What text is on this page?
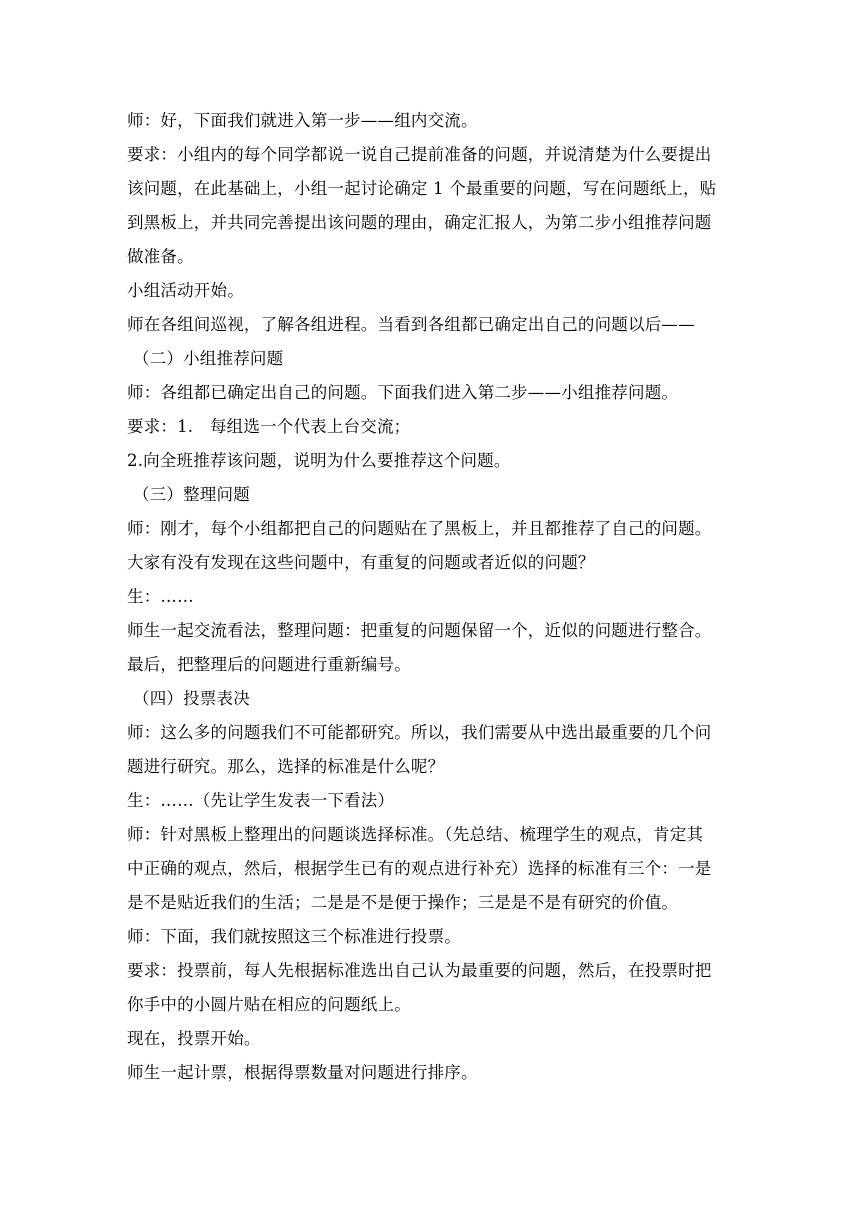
师：好，下面我们就进入第一步——组内交流。
要求：小组内的每个同学都说一说自己提前准备的问题，并说清楚为什么要提出
该问题，在此基础上，小组一起讨论确定 1 个最重要的问题，写在问题纸上，贴
到黑板上，并共同完善提出该问题的理由，确定汇报人，为第二步小组推荐问题
做准备。
小组活动开始。
师在各组间巡视，了解各组进程。当看到各组都已确定出自己的问题以后——
（二）小组推荐问题
师：各组都已确定出自己的问题。下面我们进入第二步——小组推荐问题。
要求：1.　每组选一个代表上台交流；
2.向全班推荐该问题，说明为什么要推荐这个问题。
（三）整理问题
师：刚才，每个小组都把自己的问题贴在了黑板上，并且都推荐了自己的问题。
大家有没有发现在这些问题中，有重复的问题或者近似的问题？
生：……
师生一起交流看法，整理问题：把重复的问题保留一个，近似的问题进行整合。
最后，把整理后的问题进行重新编号。
（四）投票表决
师：这么多的问题我们不可能都研究。所以，我们需要从中选出最重要的几个问
题进行研究。那么，选择的标准是什么呢？
生：……（先让学生发表一下看法）
师：针对黑板上整理出的问题谈选择标准。（先总结、梳理学生的观点，肯定其
中正确的观点，然后，根据学生已有的观点进行补充）选择的标准有三个：一是
是不是贴近我们的生活；二是是不是便于操作；三是是不是有研究的价值。
师：下面，我们就按照这三个标准进行投票。
要求：投票前，每人先根据标准选出自己认为最重要的问题，然后，在投票时把
你手中的小圆片贴在相应的问题纸上。
现在，投票开始。
师生一起计票，根据得票数量对问题进行排序。
